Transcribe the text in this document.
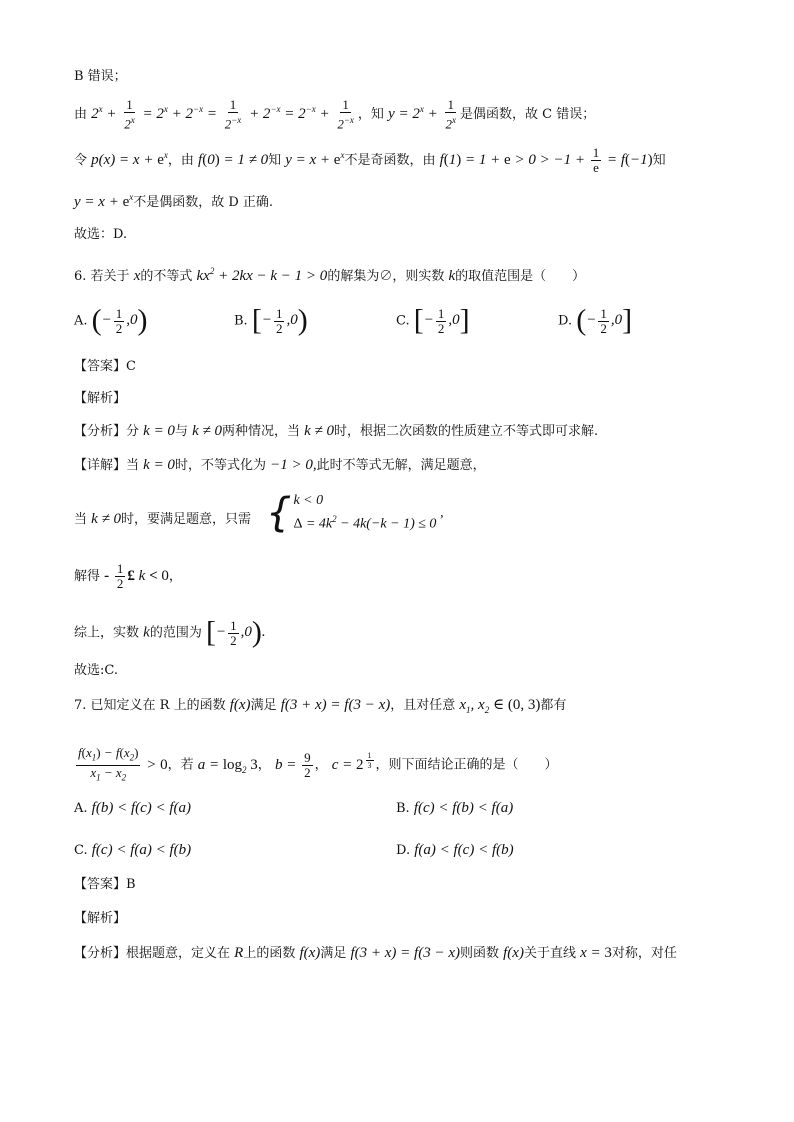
B 错误；
由 $2^x + \frac{1}{2^x} = 2^x + 2^{-x} = \frac{1}{2^{-x}} + 2^{-x} = 2^{-x} + \frac{1}{2^{-x}}$ ，知 $y = 2^x + \frac{1}{2^x}$ 是偶函数，故 C 错误；
令 $p(x) = x + e^x$，由 f(0) = 1 ≠ 0知 $y = x + e^x$不是奇函数，由 $f(1) = 1 + e > 0 > -1 + \frac{1}{e} = f(-1)$知
$y = x + e^x$不是偶函数，故 D 正确.
故选：D.
6. 若关于 x的不等式 $kx^2 + 2kx - k - 1 > 0$的解集为∅，则实数 k的取值范围是（　　）
A. (− $\frac{1}{2} ,0$)	B. [− $\frac{1}{2} ,0$)	C. [− $\frac{1}{2} ,0$]	D. (− $\frac{1}{2} ,0$]
【答案】C
【解析】
【分析】分 k = 0与 k ≠ 0两种情况，当 k ≠ 0时，根据二次函数的性质建立不等式即可求解.
【详解】当 k = 0时，不等式化为 −1 > 0,此时不等式无解，满足题意，
当 k ≠ 0时，要满足题意，只需 { k < 0
$\Delta = 4k^2 - 4k(-k - 1) \le 0$
,
解得 - $\frac{1}{2}$ £ k < 0，
综上，实数 k的范围为 [− $\frac{1}{2} ,0$).
故选:C.
7. 已知定义在 R 上的函数 f(x)满足 f(3 + x) = f(3 − x)，且对任意 $x_1$, $x_2$ ∈ (0, 3)都有
$\frac{f(x_1) - f(x_2)}{x_1 - x_2} > 0$，若 $a = \log_2 3$， $b = \frac{9}{2}$ ， c = 2 $^{\frac{1}{3}}$ ，则下面结论正确的是（　　）
A. f(b) < f(c) < f(a)	B. f(c) < f(b) < f(a)
C. f(c) < f(a) < f(b)	D. f(a) < f(c) < f(b)
【答案】B
【解析】
【分析】根据题意，定义在 R上的函数 f(x)满足 f(3 + x) = f(3 − x)则函数 f(x)关于直线 x = 3对称，对任
